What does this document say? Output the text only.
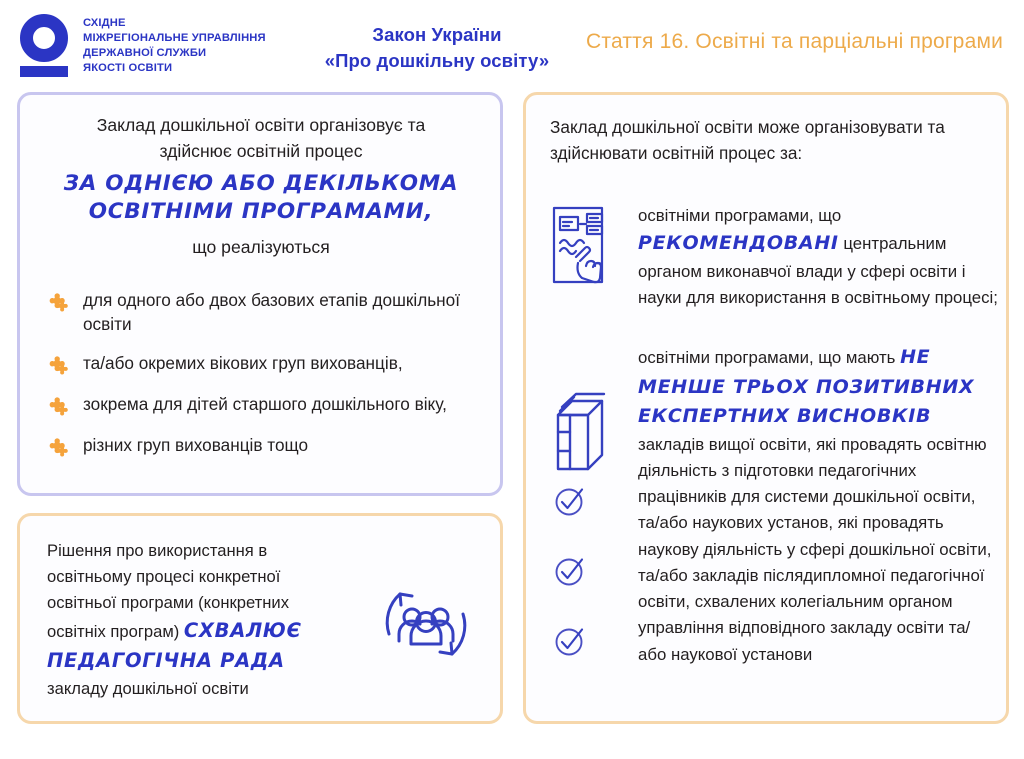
СХІДНЕ
МІЖРЕГІОНАЛЬНЕ УПРАВЛІННЯ
ДЕРЖАВНОЇ СЛУЖБИ
ЯКОСТІ ОСВІТИ
Закон України
«Про дошкільну освіту»
Стаття 16. Освітні та парціальні програми
Заклад дошкільної освіти організовує та
здійснює освітній процес
ЗА ОДНІЄЮ АБО ДЕКІЛЬКОМА ОСВІТНІМИ ПРОГРАМАМИ,
що реалізуються
для одного або двох базових етапів дошкільної освіти
та/або окремих вікових груп вихованців,
зокрема для дітей старшого дошкільного віку,
різних груп вихованців тощо
Рішення про використання в освітньому процесі конкретної освітньої програми (конкретних освітніх програм) СХВАЛЮЄ ПЕДАГОГІЧНА РАДА закладу дошкільної освіти
Заклад дошкільної освіти може організовувати та здійснювати освітній процес за:
освітніми програмами, що РЕКОМЕНДОВАНІ центральним органом виконавчої влади у сфері освіти і науки для використання в освітньому процесі;
освітніми програмами, що мають НЕ МЕНШЕ ТРЬОХ ПОЗИТИВНИХ ЕКСПЕРТНИХ ВИСНОВКІВ закладів вищої освіти, які провадять освітню діяльність з підготовки педагогічних працівників для системи дошкільної освіти, та/або наукових установ, які провадять наукову діяльність у сфері дошкільної освіти, та/або закладів післядипломної педагогічної освіти, схвалених колегіальним органом управління відповідного закладу освіти та/або наукової установи
